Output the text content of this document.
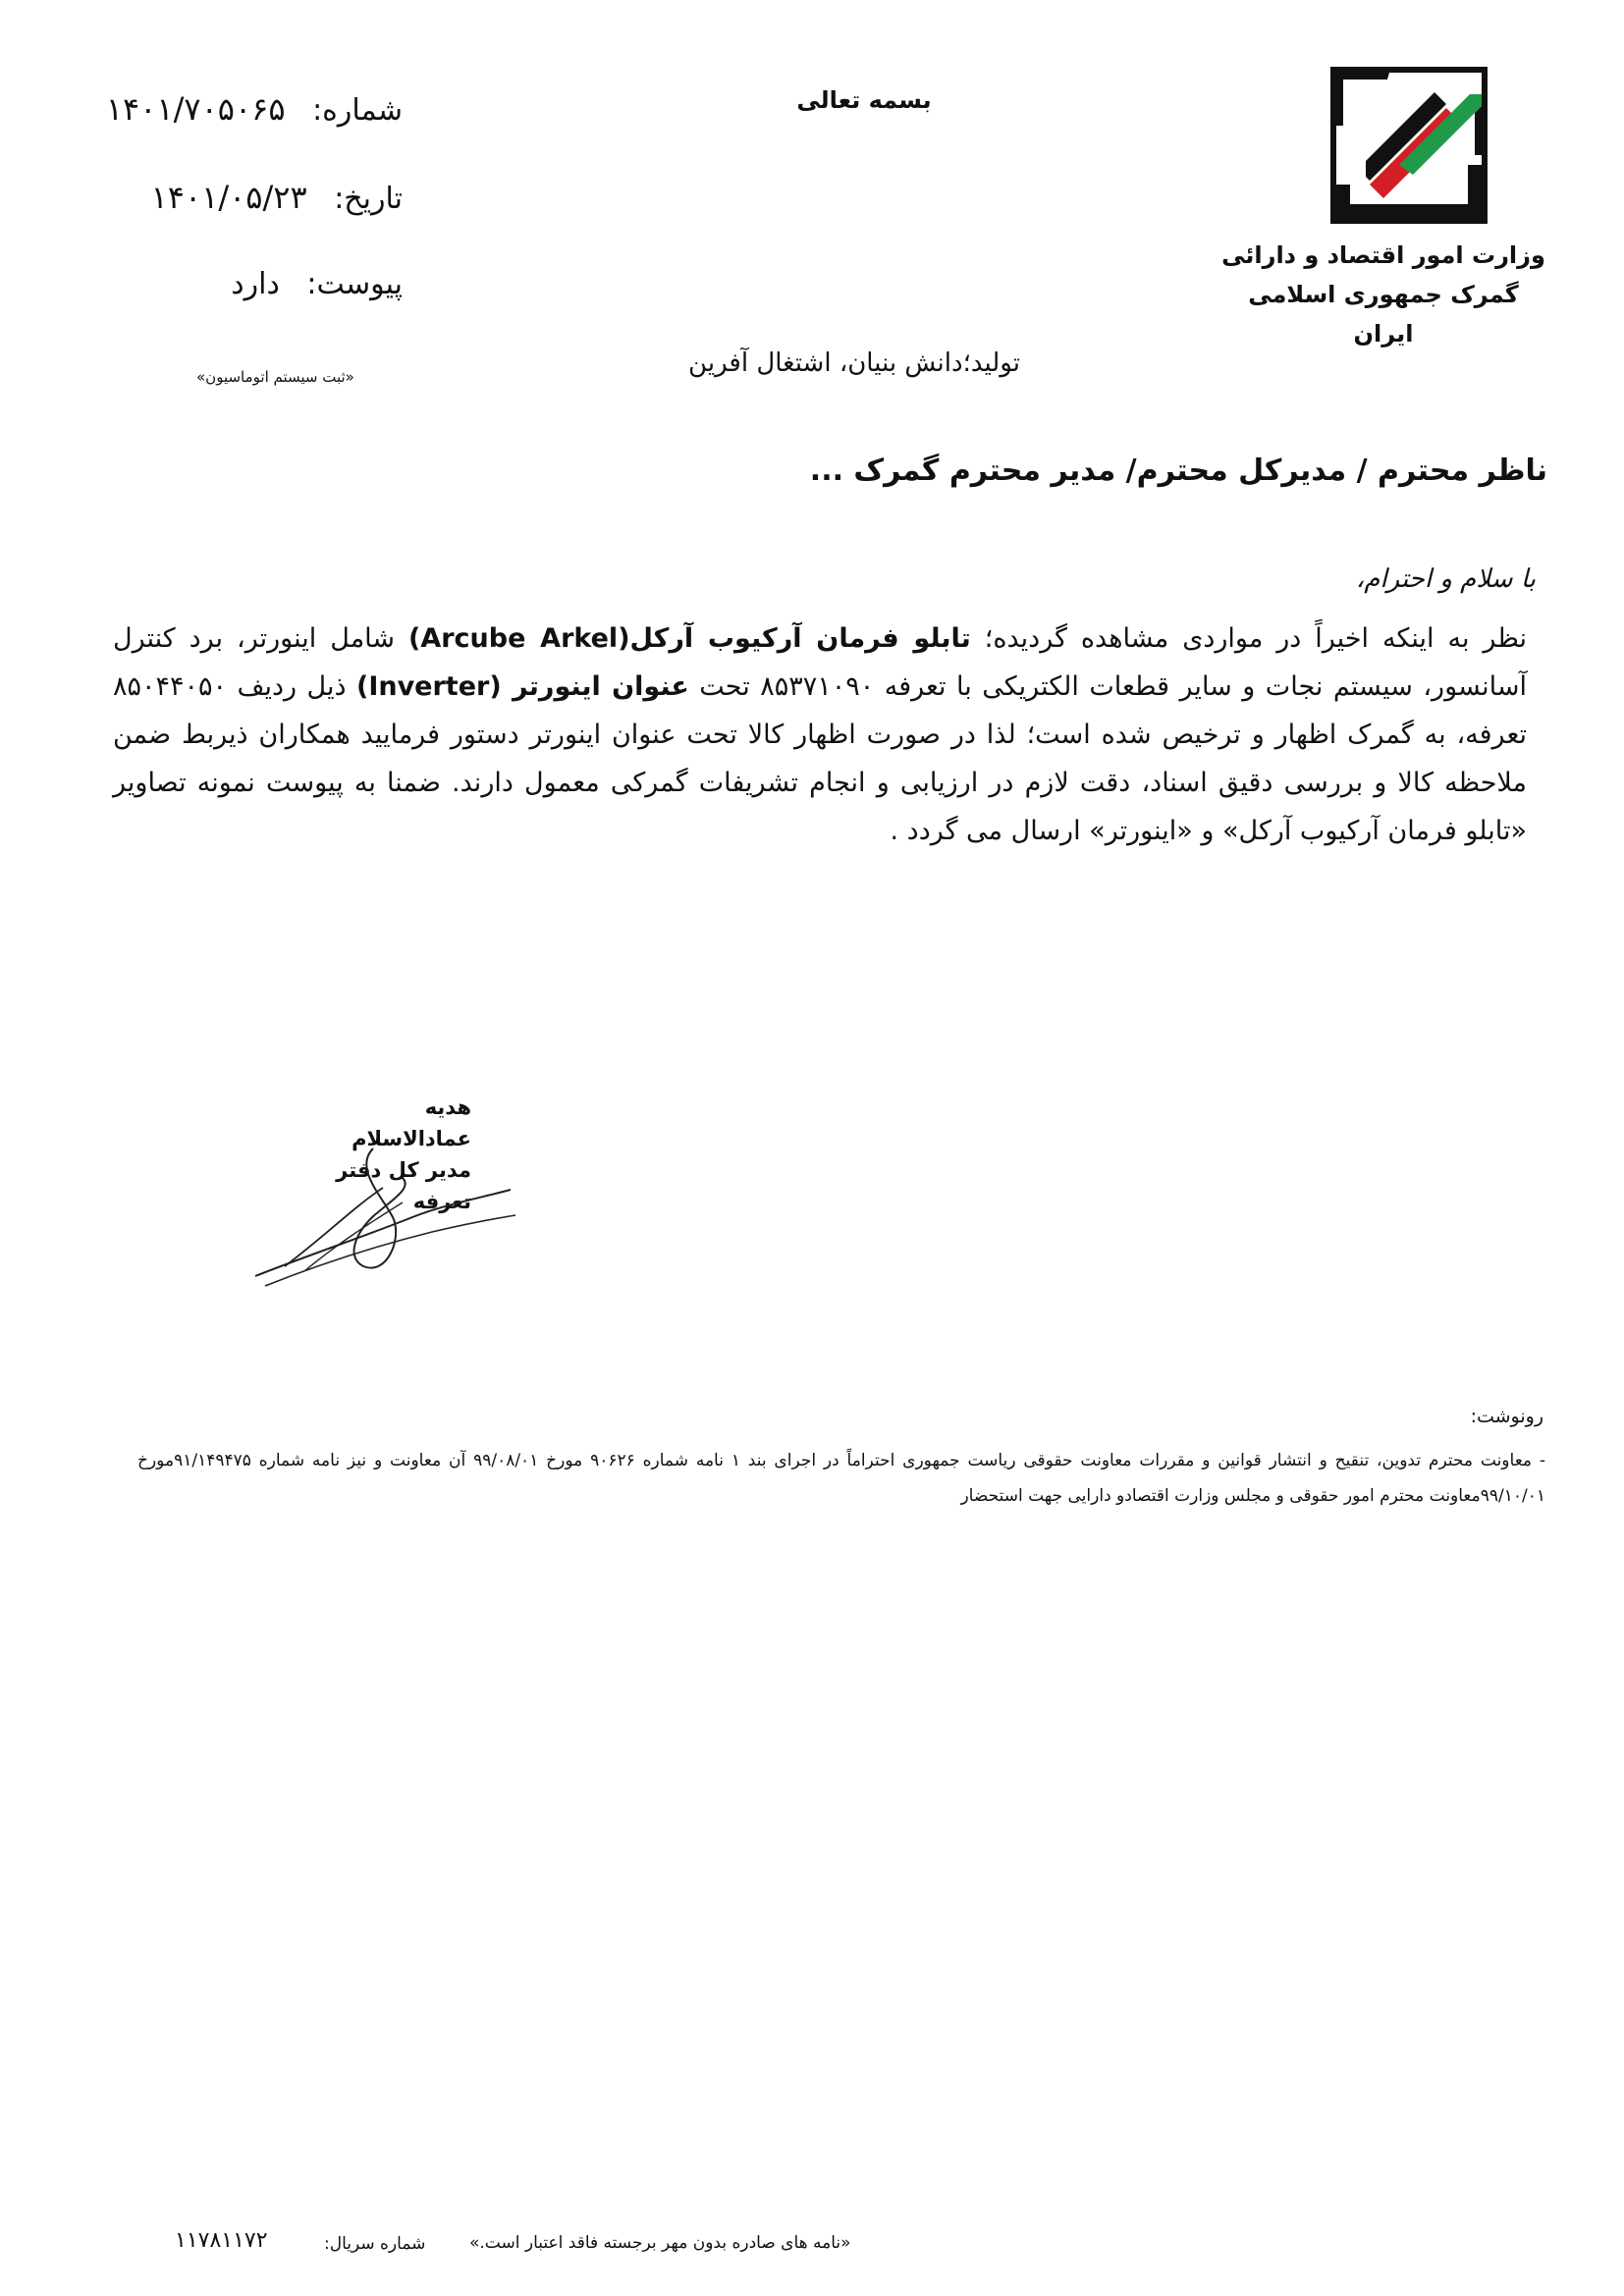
شماره: ۱۴۰۱/۷۰۵۰۶۵
تاریخ: ۱۴۰۱/۰۵/۲۳
پیوست: دارد
«ثبت سیستم اتوماسیون»
بسمه تعالی
وزارت امور اقتصاد و دارائی
گمرک جمهوری اسلامی ایران
تولید؛دانش بنیان، اشتغال آفرین
ناظر محترم / مدیرکل محترم/ مدیر محترم گمرک ...
با سلام و احترام،
نظر به اینکه اخیراً در مواردی مشاهده گردیده؛ تابلو فرمان آرکیوب آرکل(Arcube Arkel) شامل اینورتر، برد کنترل آسانسور، سیستم نجات و سایر قطعات الکتریکی با تعرفه ۸۵۳۷۱۰۹۰ تحت عنوان اینورتر (Inverter) ذیل ردیف ۸۵۰۴۴۰۵۰ تعرفه، به گمرک اظهار و ترخیص شده است؛ لذا در صورت اظهار کالا تحت عنوان اینورتر دستور فرمایید همکاران ذیربط ضمن ملاحظه کالا و بررسی دقیق اسناد، دقت لازم در ارزیابی و انجام تشریفات گمرکی معمول دارند. ضمنا به پیوست نمونه تصاویر «تابلو فرمان آرکیوب آرکل» و «اینورتر» ارسال می گردد .
هدیه عمادالاسلام
مدیر کل دفتر تعرفه
رونوشت:
- معاونت محترم تدوین، تنقیح و انتشار قوانین و مقررات معاونت حقوقی ریاست جمهوری احتراماً در اجرای بند ۱ نامه شماره ۹۰۶۲۶ مورخ ۹۹/۰۸/۰۱ آن معاونت و نیز نامه شماره ۹۱/۱۴۹۴۷۵مورخ ۹۹/۱۰/۰۱معاونت محترم امور حقوقی و مجلس وزارت اقتصادو دارایی جهت استحضار
«نامه های صادره بدون مهر برجسته فاقد اعتبار است.»
شماره سریال:
۱۱۷۸۱۱۷۲
